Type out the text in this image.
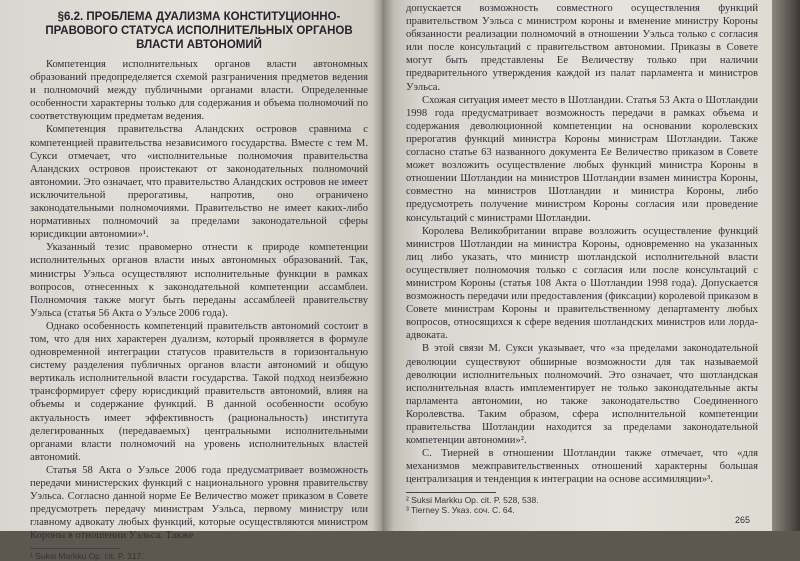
§6.2. ПРОБЛЕМА ДУАЛИЗМА КОНСТИТУЦИОННО-ПРАВОВОГО СТАТУСА ИСПОЛНИТЕЛЬНЫХ ОРГАНОВ ВЛАСТИ АВТОНОМИЙ

Компетенция исполнительных органов власти автономных образований предопределяется схемой разграничения предметов ведения и полномочий между публичными органами власти. Определенные особенности характерны только для содержания и объема полномочий по соответствующим предметам ведения.

Компетенция правительства Аландских островов сравнима с компетенцией правительства независимого государства. Вместе с тем М. Сукси отмечает, что «исполнительные полномочия правительства Аландских островов проистекают от законодательных полномочий автономии. Это означает, что правительство Аландских островов не имеет исключительной прерогативы, напротив, оно ограничено законодательными полномочиями. Правительство не имеет каких-либо нормативных полномочий за пределами законодательной сферы юрисдикции автономии»¹.

Указанный тезис правомерно отнести к природе компетенции исполнительных органов власти иных автономных образований. Так, министры Уэльса осуществляют исполнительные функции в рамках вопросов, отнесенных к законодательной компетенции ассамблеи. Полномочия также могут быть переданы ассамблеей правительству Уэльса (статья 56 Акта о Уэльсе 2006 года).

Однако особенность компетенций правительств автономий состоит в том, что для них характерен дуализм, который проявляется в формуле одновременной интеграции статусов правительств в горизонтальную систему разделения публичных органов власти автономий и общую вертикаль исполнительной власти государства. Такой подход неизбежно трансформирует сферу юрисдикций правительств автономий, влияя на объемы и содержание функций. В данной особенности особую актуальность имеет эффективность (рациональность) института делегированных (передаваемых) центральными исполнительными органами власти полномочий на уровень исполнительных властей автономий.

Статья 58 Акта о Уэльсе 2006 года предусматривает возможность передачи министерских функций с национального уровня правительству Уэльса. Согласно данной норме Ее Величество может приказом в Совете предусмотреть передачу министрам Уэльса, первому министру или главному адвокату любых функций, которые осуществляются министром Короны в отношении Уэльса. Также

¹ Suksi Markku Op. cit. P. 317.

допускается возможность совместного осуществления функций правительством Уэльса с министром короны и вменение министру Короны обязанности реализации полномочий в отношении Уэльса только с согласия или после консультаций с правительством автономии. Приказы в Совете могут быть представлены Ее Величеству только при наличии предварительного утверждения каждой из палат парламента и министров Уэльса.

Схожая ситуация имеет место в Шотландии. Статья 53 Акта о Шотландии 1998 года предусматривает возможность передачи в рамках объема и содержания деволюционной компетенции на основании королевских прерогатив функций министра Короны министрам Шотландии. Также согласно статье 63 названного документа Ее Величество приказом в Совете может возложить осуществление любых функций министра Короны в отношении Шотландии на министров Шотландии взамен министра Короны, совместно на министров Шотландии и министра Короны, либо предусмотреть получение министром Короны согласия или проведение консультаций с министрами Шотландии.

Королева Великобритании вправе возложить осуществление функций министров Шотландии на министра Короны, одновременно на указанных лиц либо указать, что министр шотландской исполнительной власти осуществляет полномочия только с согласия или после консультаций с министром Короны (статья 108 Акта о Шотландии 1998 года). Допускается возможность передачи или предоставления (фиксации) королевой приказом в Совете министрам Короны и правительственному департаменту любых вопросов, относящихся к сфере ведения шотландских министров или лорда-адвоката.

В этой связи М. Сукси указывает, что «за пределами законодательной деволюции существуют обширные возможности для так называемой деволюции исполнительных полномочий. Это означает, что шотландская исполнительная власть имплементирует не только законодательные акты парламента автономии, но также законодательство Соединенного Королевства. Таким образом, сфера исполнительной компетенции правительства Шотландии находится за пределами законодательной компетенции автономии»².

С. Тиерней в отношении Шотландии также отмечает, что «для механизмов межправительственных отношений характерны большая централизация и тенденция к интеграции на основе ассимиляции»³.

² Suksi Markku Op. cit. P. 528, 538.
³ Tierney S. Указ. соч. С. 64.
265
